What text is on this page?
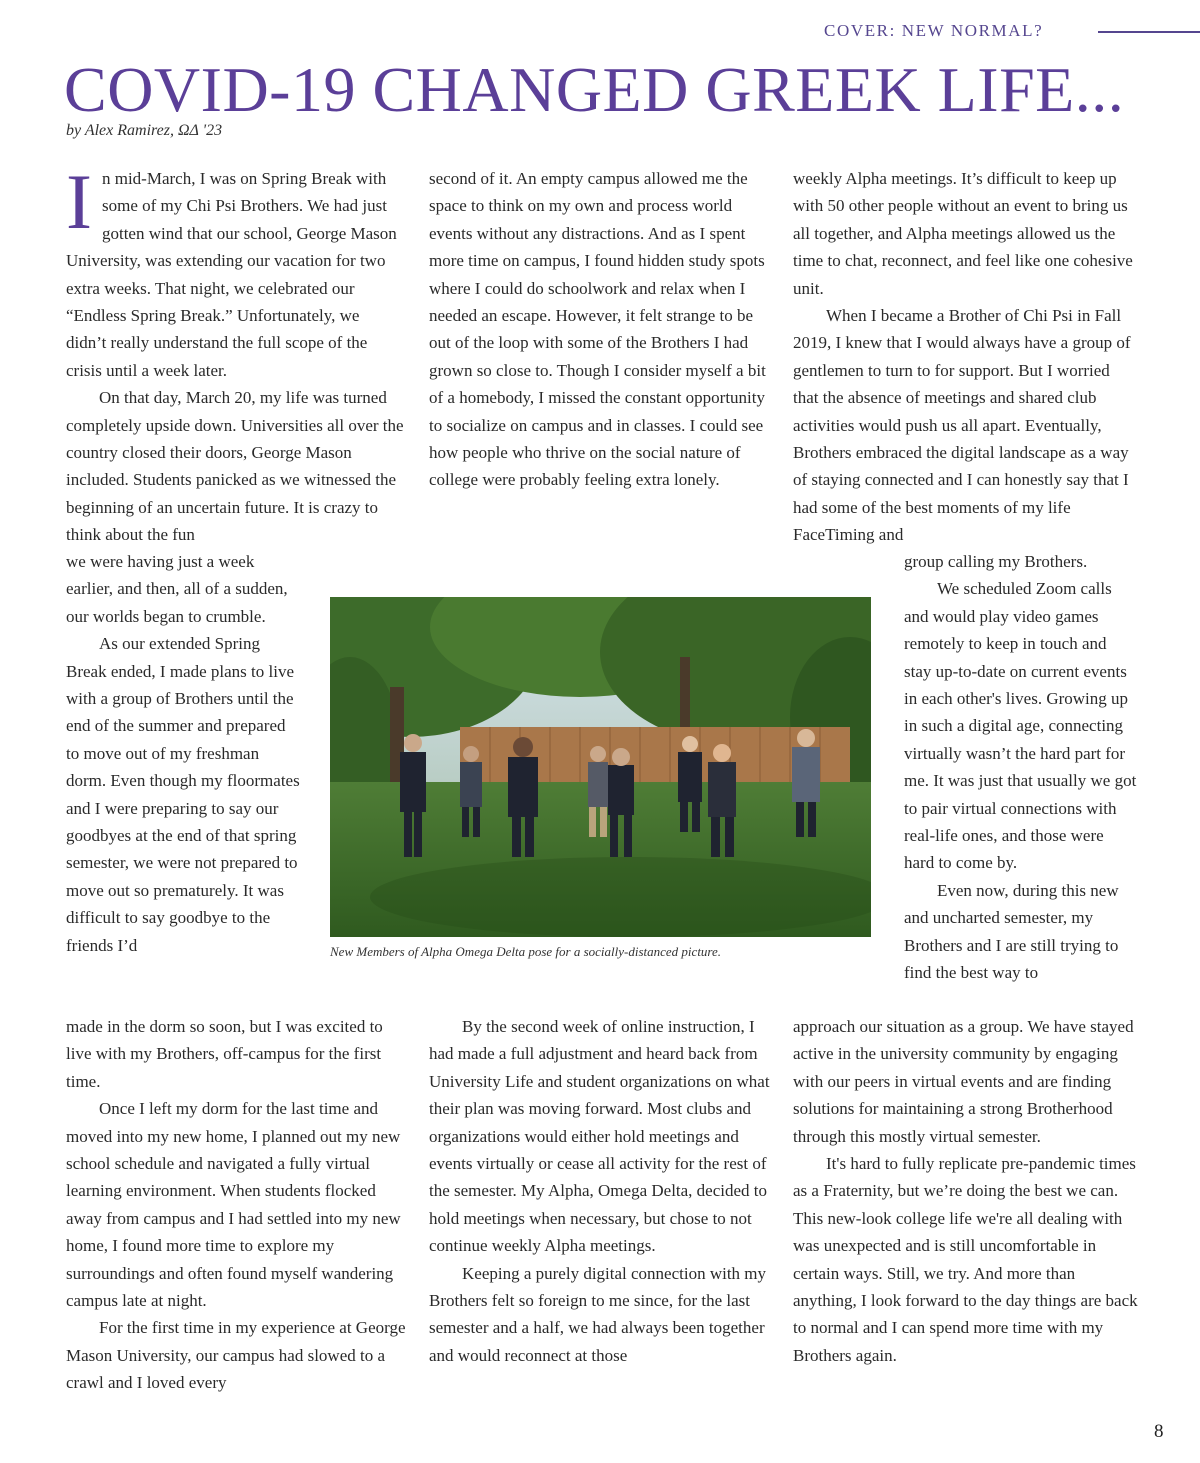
COVER: NEW NORMAL?
COVID-19 CHANGED GREEK LIFE...
by Alex Ramirez, ΩΔ '23

In mid-March, I was on Spring Break with some of my Chi Psi Brothers. We had just gotten wind that our school, George Mason University, was extending our vacation for two extra weeks. That night, we celebrated our “Endless Spring Break.” Unfortunately, we didn’t really understand the full scope of the crisis until a week later.

On that day, March 20, my life was turned completely upside down. Universities all over the country closed their doors, George Mason included. Students panicked as we witnessed the beginning of an uncertain future. It is crazy to think about the fun

we were having just a week earlier, and then, all of a sudden, our worlds began to crumble.

As our extended Spring Break ended, I made plans to live with a group of Brothers until the end of the summer and prepared to move out of my freshman dorm. Even though my floormates and I were preparing to say our goodbyes at the end of that spring semester, we were not prepared to move out so prematurely. It was difficult to say goodbye to the friends I’d

made in the dorm so soon, but I was excited to live with my Brothers, off-campus for the first time.

Once I left my dorm for the last time and moved into my new home, I planned out my new school schedule and navigated a fully virtual learning environment. When students flocked away from campus and I had settled into my new home, I found more time to explore my surroundings and often found myself wandering campus late at night.

For the first time in my experience at George Mason University, our campus had slowed to a crawl and I loved every

second of it. An empty campus allowed me the space to think on my own and process world events without any distractions. And as I spent more time on campus, I found hidden study spots where I could do schoolwork and relax when I needed an escape. However, it felt strange to be out of the loop with some of the Brothers I had grown so close to. Though I consider myself a bit of a homebody, I missed the constant opportunity to socialize on campus and in classes. I could see how people who thrive on the social nature of college were probably feeling extra lonely.

By the second week of online instruction, I had made a full adjustment and heard back from University Life and student organizations on what their plan was moving forward. Most clubs and organizations would either hold meetings and events virtually or cease all activity for the rest of the semester. My Alpha, Omega Delta, decided to hold meetings when necessary, but chose to not continue weekly Alpha meetings.

Keeping a purely digital connection with my Brothers felt so foreign to me since, for the last semester and a half, we had always been together and would reconnect at those

weekly Alpha meetings. It’s difficult to keep up with 50 other people without an event to bring us all together, and Alpha meetings allowed us the time to chat, reconnect, and feel like one cohesive unit.

When I became a Brother of Chi Psi in Fall 2019, I knew that I would always have a group of gentlemen to turn to for support. But I worried that the absence of meetings and shared club activities would push us all apart. Eventually, Brothers embraced the digital landscape as a way of staying connected and I can honestly say that I had some of the best moments of my life FaceTiming and

group calling my Brothers.

We scheduled Zoom calls and would play video games remotely to keep in touch and stay up-to-date on current events in each other's lives. Growing up in such a digital age, connecting virtually wasn’t the hard part for me. It was just that usually we got to pair virtual connections with real-life ones, and those were hard to come by.

Even now, during this new and uncharted semester, my Brothers and I are still trying to find the best way to

approach our situation as a group. We have stayed active in the university community by engaging with our peers in virtual events and are finding solutions for maintaining a strong Brotherhood through this mostly virtual semester.

It's hard to fully replicate pre-pandemic times as a Fraternity, but we’re doing the best we can. This new-look college life we're all dealing with was unexpected and is still uncomfortable in certain ways. Still, we try. And more than anything, I look forward to the day things are back to normal and I can spend more time with my Brothers again.

New Members of Alpha Omega Delta pose for a socially-distanced picture.
8
